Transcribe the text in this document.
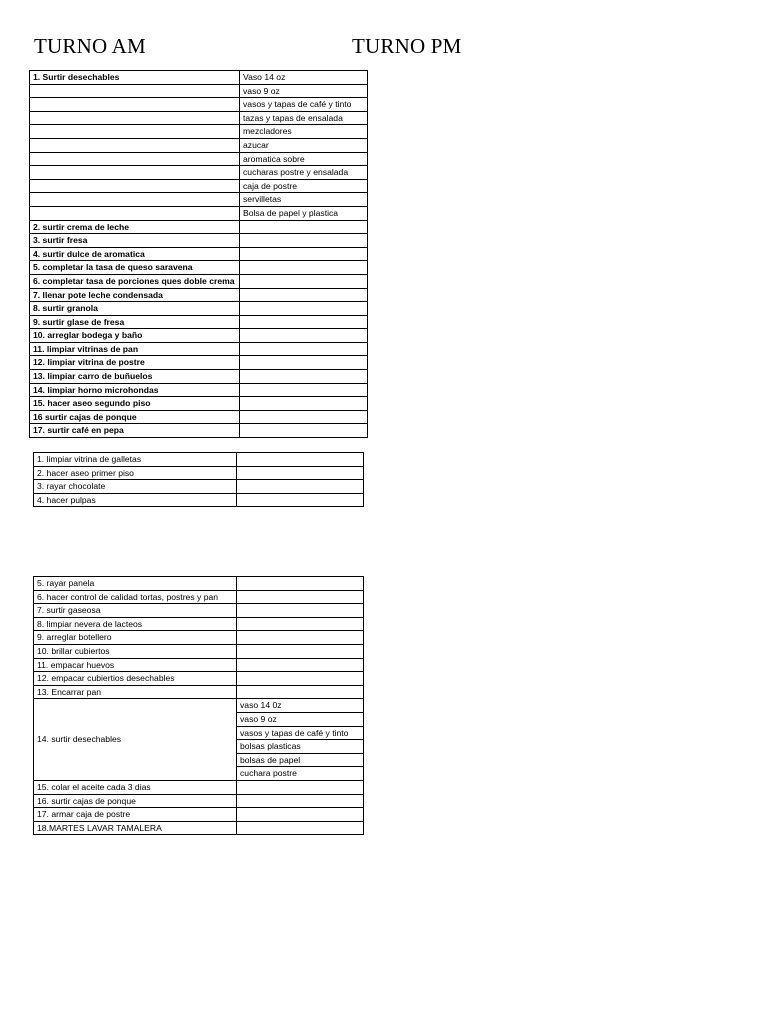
TURNO AM	TURNO PM
1. Surtir desechables	Vaso 14 oz
	vaso 9 oz
	vasos y tapas de café y tinto
	tazas y tapas de ensalada
	mezcladores
	azucar
	aromatica sobre
	cucharas postre y ensalada
	caja de postre
	servilletas
	Bolsa de papel y plastica
2. surtir crema de leche	
3. surtir fresa	
4. surtir dulce de aromatica	
5. completar la tasa de queso saravena	
6. completar tasa de porciones ques doble crema	
7. llenar pote leche condensada	
8. surtir granola	
9. surtir glase de fresa	
10. arreglar bodega y baño	
11. limpiar vitrinas de pan	
12. limpiar vitrina de postre	
13. limpiar carro de buñuelos	
14. limpiar horno microhondas	
15. hacer aseo segundo piso	
16 surtir cajas de ponque	
17. surtir café en pepa	
1. limpiar vitrina de galletas	
2. hacer aseo primer piso	
3. rayar chocolate	
4. hacer pulpas	
5. rayar panela	
6. hacer control de calidad tortas, postres y pan	
7. surtir gaseosa	
8. limpiar nevera de lacteos	
9. arreglar botellero	
10. brillar cubiertos	
11. empacar huevos	
12. empacar cubiertios desechables	
13. Encarrar pan	
14. surtir desechables	vaso 14 0z
	vaso 9 oz
	vasos y tapas de café y tinto
	bolsas plasticas
	bolsas de papel
	cuchara postre
15. colar el aceite cada 3 dias	
16. surtir cajas de ponque	
17. armar caja de postre	
18.MARTES LAVAR TAMALERA	
